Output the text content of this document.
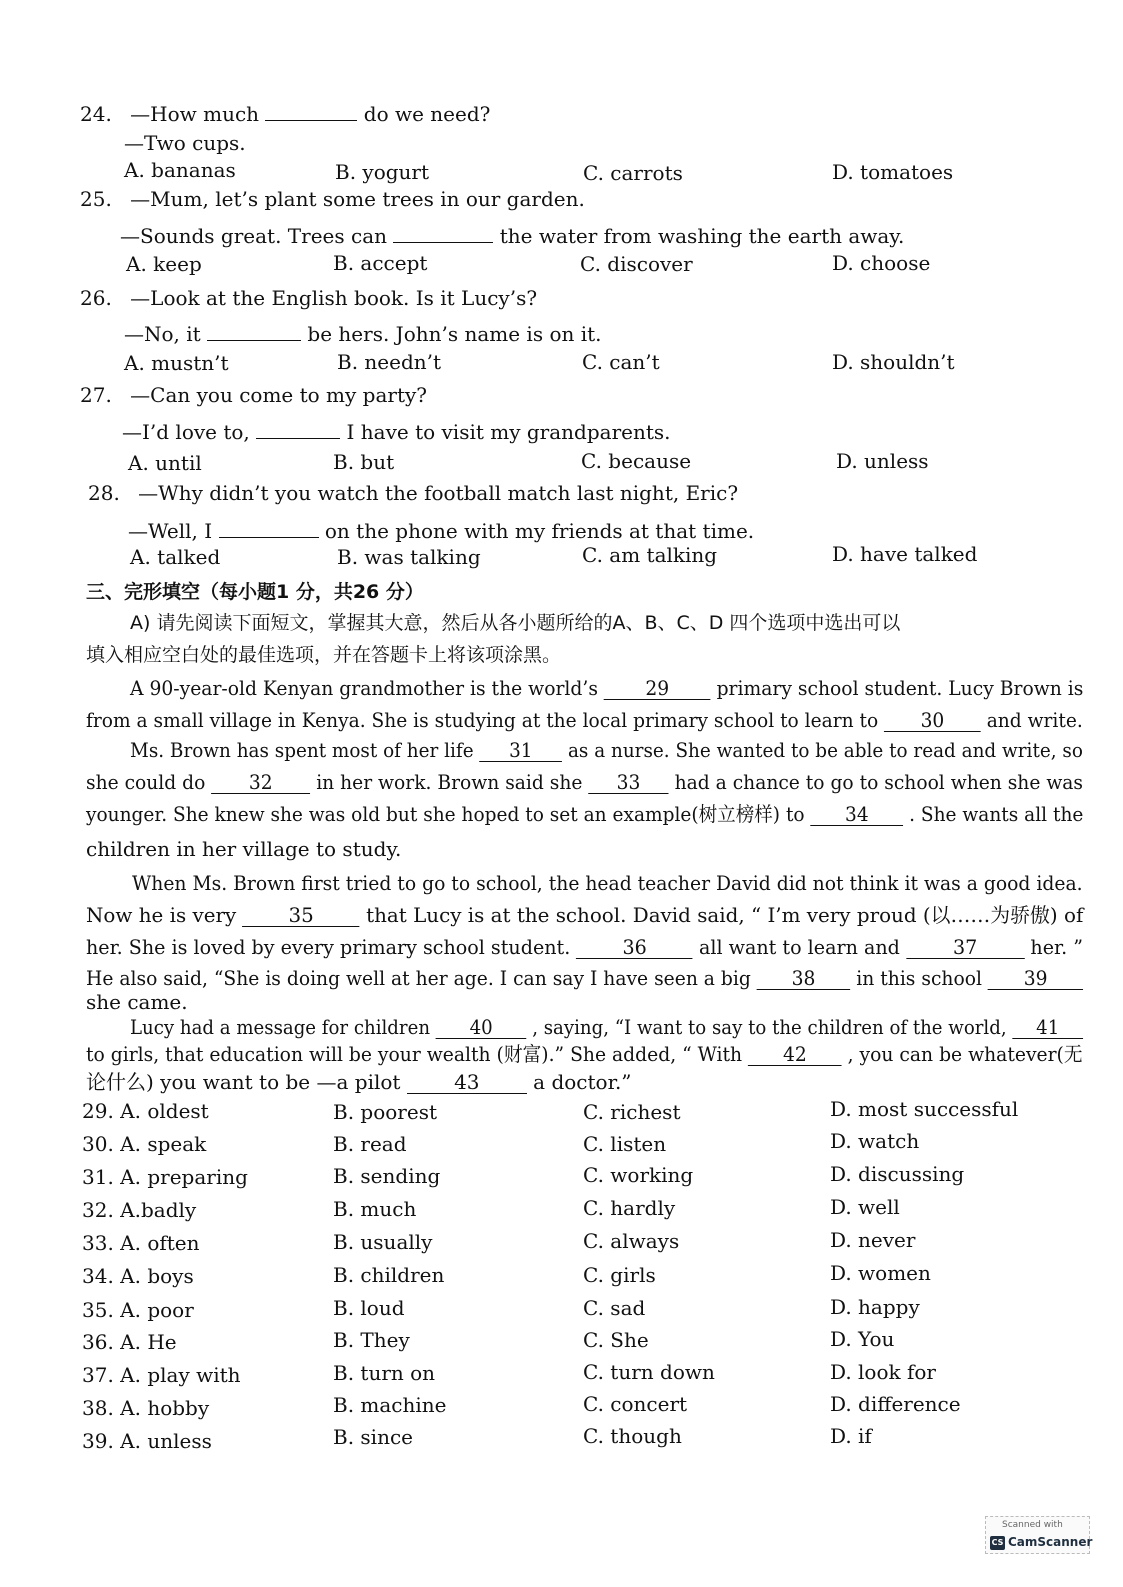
24. —How much	do we need?
—Two cups.
A. bananas	B. yogurt	C. carrots	D. tomatoes
25. —Mum, let’s plant some trees in our garden.
—Sounds great. Trees can	the water from washing the earth away.
A. keep	B. accept	C. discover	D. choose
26. —Look at the English book. Is it Lucy’s?
—No, it	be hers. John’s name is on it.
A. mustn’t	B. needn’t	C. can’t	D. shouldn’t
27. —Can you come to my party?
—I’d love to,	I have to visit my grandparents.
A. until	B. but	C. because	D. unless
28. —Why didn’t you watch the football match last night, Eric?
—Well, I	on the phone with my friends at that time.
A. talked	B. was talking	C. am talking	D. have talked
三、完形填空（每小题1 分，共26 分）
A) 请先阅读下面短文，掌握其大意，然后从各小题所给的A、B、C、D 四个选项中选出可以
填入相应空白处的最佳选项，并在答题卡上将该项涂黑。
A 90-year-old Kenyan grandmother is the world’s 29 primary school student. Lucy Brown is
from a small village in Kenya. She is studying at the local primary school to learn to 30 and write.
Ms. Brown has spent most of her life 31 as a nurse. She wanted to be able to read and write, so
she could do 32 in her work. Brown said she 33 had a chance to go to school when she was
younger. She knew she was old but she hoped to set an example(树立榜样) to 34 . She wants all the
children in her village to study.
When Ms. Brown first tried to go to school, the head teacher David did not think it was a good idea.
Now he is very	35	that Lucy is at the school. David said, “ I’m very proud (以……为骄傲) of
her. She is loved by every primary school student.	36	all want to learn and	37	her. ”
He also said, “She is doing well at her age. I can say I have seen a big 38 in this school 39
she came.
Lucy had a message for children 40 , saying, “I want to say to the children of the world, 41
to girls, that education will be your wealth (财富).” She added, “ With 42 , you can be whatever(无
论什么) you want to be —a pilot	43	a doctor.”
29. A. oldest	B. poorest	C. richest	D. most successful
30. A. speak	B. read	C. listen	D. watch
31. A. preparing	B. sending	C. working	D. discussing
32. A.badly	B. much	C. hardly	D. well
33. A. often	B. usually	C. always	D. never
34. A. boys	B. children	C. girls	D. women
35. A. poor	B. loud	C. sad	D. happy
36. A. He	B. They	C. She	D. You
37. A. play with	B. turn on	C. turn down	D. look for
38. A. hobby	B. machine	C. concert	D. difference
39. A. unless	B. since	C. though	D. if
Scanned with
CS CamScanner
